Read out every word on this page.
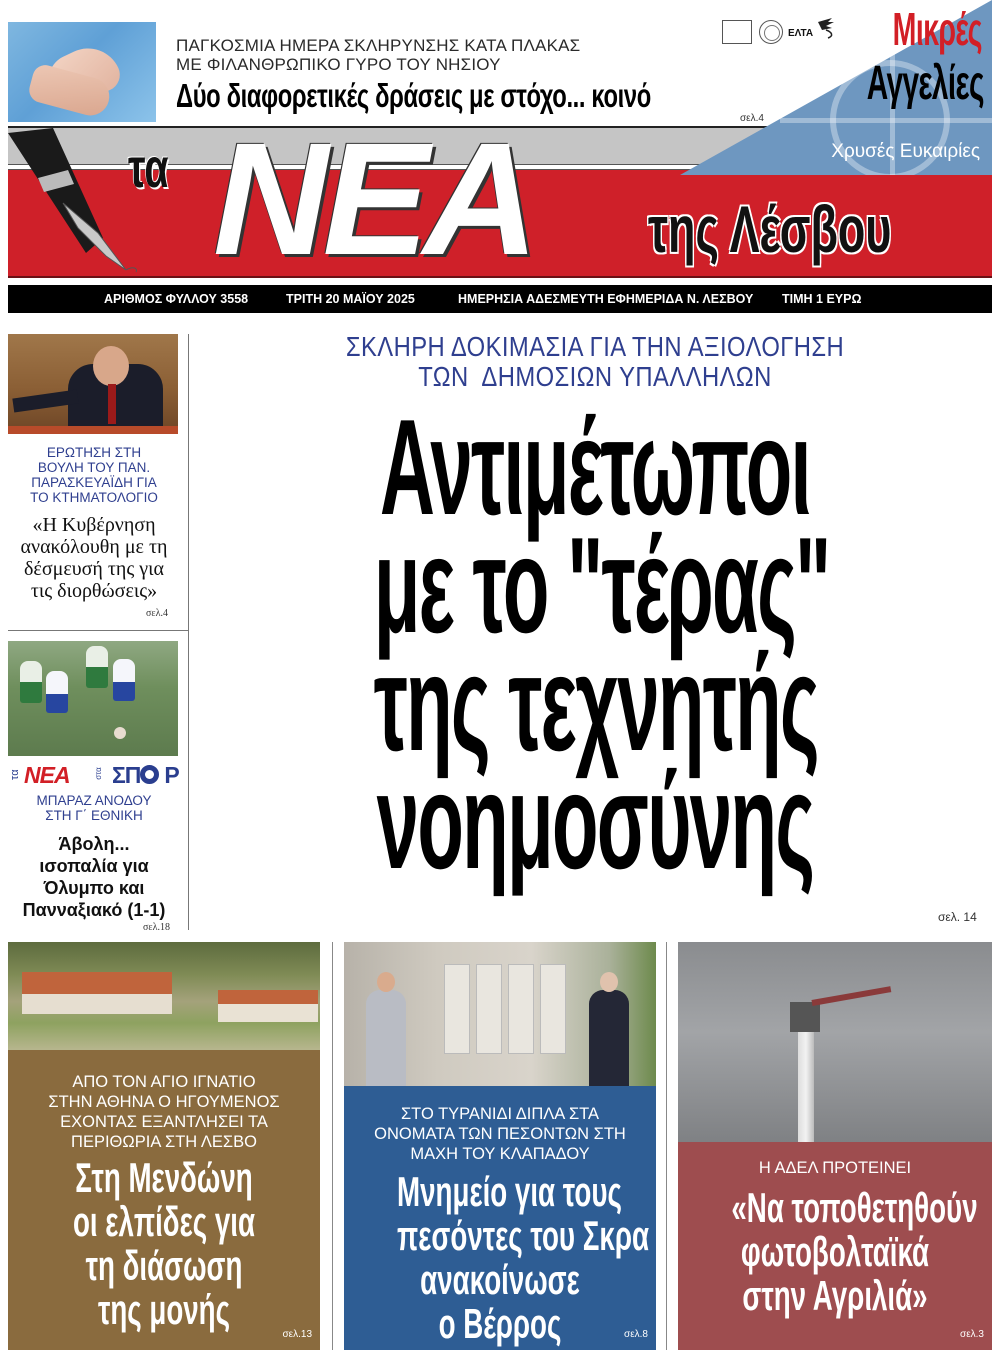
ΠΑΓΚΟΣΜΙΑ ΗΜΕΡΑ ΣΚΛΗΡΥΝΣΗΣ ΚΑΤΑ ΠΛΑΚΑΣ
ΜΕ ΦΙΛΑΝΘΡΩΠΙΚΟ ΓΥΡΟ ΤΟΥ ΝΗΣΙΟΥ
Δύο διαφορετικές δράσεις με στόχο... κοινό
σελ.4
τα ΝΕΑ	της Λέσβου
Μικρές
Αγγελίες
Χρυσές Ευκαιρίες
ΕΛΤΑ
ΑΡΙΘΜΟΣ ΦΥΛΛΟΥ 3558	ΤΡΙΤΗ 20 ΜΑΪΟΥ 2025	ΗΜΕΡΗΣΙΑ ΑΔΕΣΜΕΥΤΗ ΕΦΗΜΕΡΙΔΑ Ν. ΛΕΣΒΟΥ ΤΙΜΗ 1 ΕΥΡΩ
ΕΡΩΤΗΣΗ ΣΤΗ
ΒΟΥΛΗ ΤΟΥ ΠΑΝ.
ΠΑΡΑΣΚΕΥΑΪΔΗ ΓΙΑ
ΤΟ ΚΤΗΜΑΤΟΛΟΓΙΟ
«Η Κυβέρνηση
ανακόλουθη με τη
δέσμευσή της για
τις διορθώσεις»
σελ.4
τα ΝΕΑ	στα ΣΠ Ρ
ΜΠΑΡΑΖ ΑΝΟΔΟΥ
ΣΤΗ Γ΄ ΕΘΝΙΚΗ
Άβολη...
ισοπαλία για
Όλυμπο και
Πανναξιακό (1-1)
σελ.18
ΣΚΛΗΡΗ ΔΟΚΙΜΑΣΙΑ ΓΙΑ ΤΗΝ ΑΞΙΟΛΟΓΗΣΗ
ΤΩΝ  ΔΗΜΟΣΙΩΝ ΥΠΑΛΛΗΛΩΝ
Αντιμέτωποι
με το "τέρας"
της τεχνητής
νοημοσύνης
σελ. 14
ΑΠΟ ΤΟΝ ΑΓΙΟ ΙΓΝΑΤΙΟ
ΣΤΗΝ ΑΘΗΝΑ Ο ΗΓΟΥΜΕΝΟΣ
ΕΧΟΝΤΑΣ ΕΞΑΝΤΛΗΣΕΙ ΤΑ
ΠΕΡΙΘΩΡΙΑ ΣΤΗ ΛΕΣΒΟ
Στη Μενδώνη
οι ελπίδες για
τη διάσωση
της μονής
σελ.13
ΣΤΟ ΤΥΡΑΝΙΔΙ ΔΙΠΛΑ ΣΤΑ
ΟΝΟΜΑΤΑ ΤΩΝ ΠΕΣΟΝΤΩΝ ΣΤΗ
ΜΑΧΗ ΤΟΥ ΚΛΑΠΑΔΟΥ
Μνημείο για τους
πεσόντες του Σκρα
ανακοίνωσε
ο Βέρρος	σελ.8
Η ΑΔΕΛ ΠΡΟΤΕΙΝΕΙ
«Να τοποθετηθούν
φωτοβολταϊκά
στην Αγριλιά»
σελ.3
